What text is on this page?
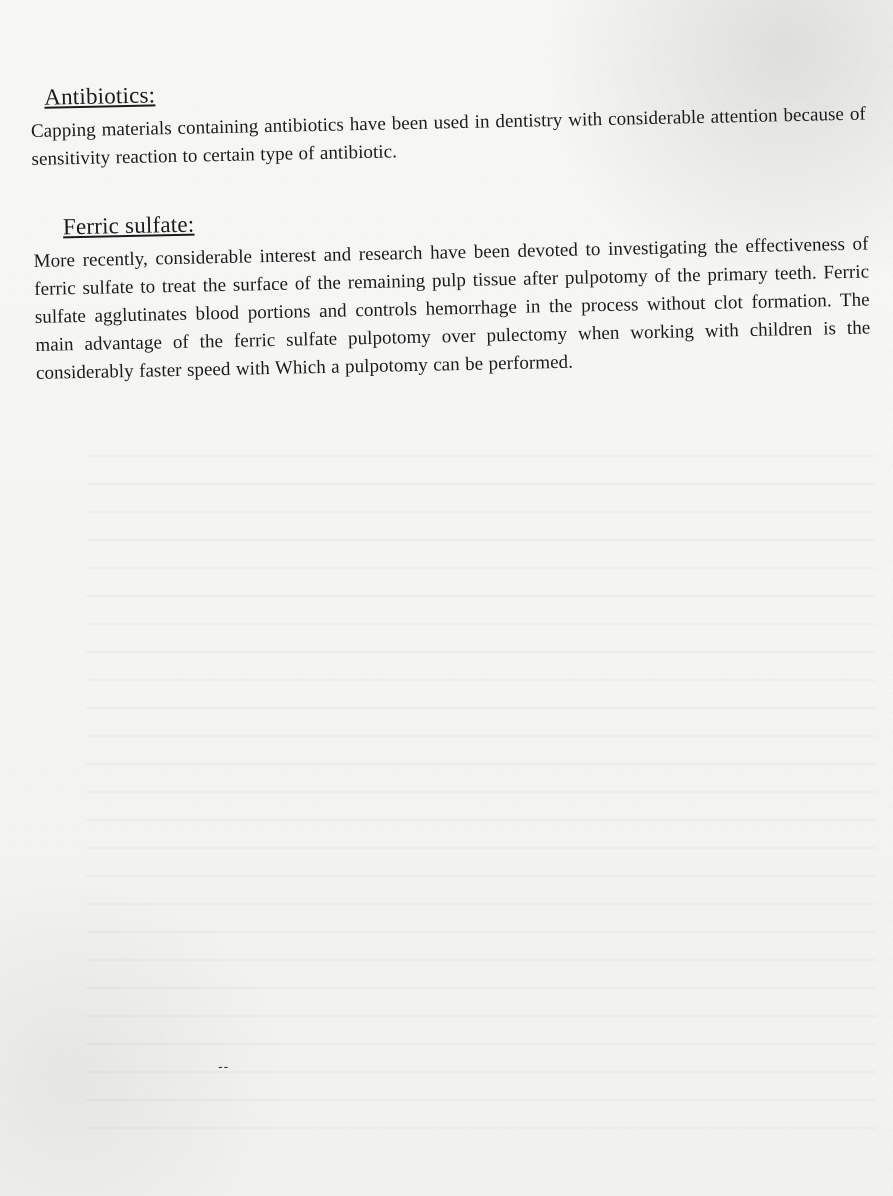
Antibiotics:

Capping materials containing antibiotics have been used in dentistry with considerable attention because of sensitivity reaction to certain type of antibiotic.

Ferric sulfate:

More recently, considerable interest and research have been devoted to investigating the effectiveness of ferric sulfate to treat the surface of the remaining pulp tissue after pulpotomy of the primary teeth. Ferric sulfate agglutinates blood portions and controls hemorrhage in the process without clot formation. The main advantage of the ferric sulfate pulpotomy over pulectomy when working with children is the considerably faster speed with Which a pulpotomy can be performed.

--
